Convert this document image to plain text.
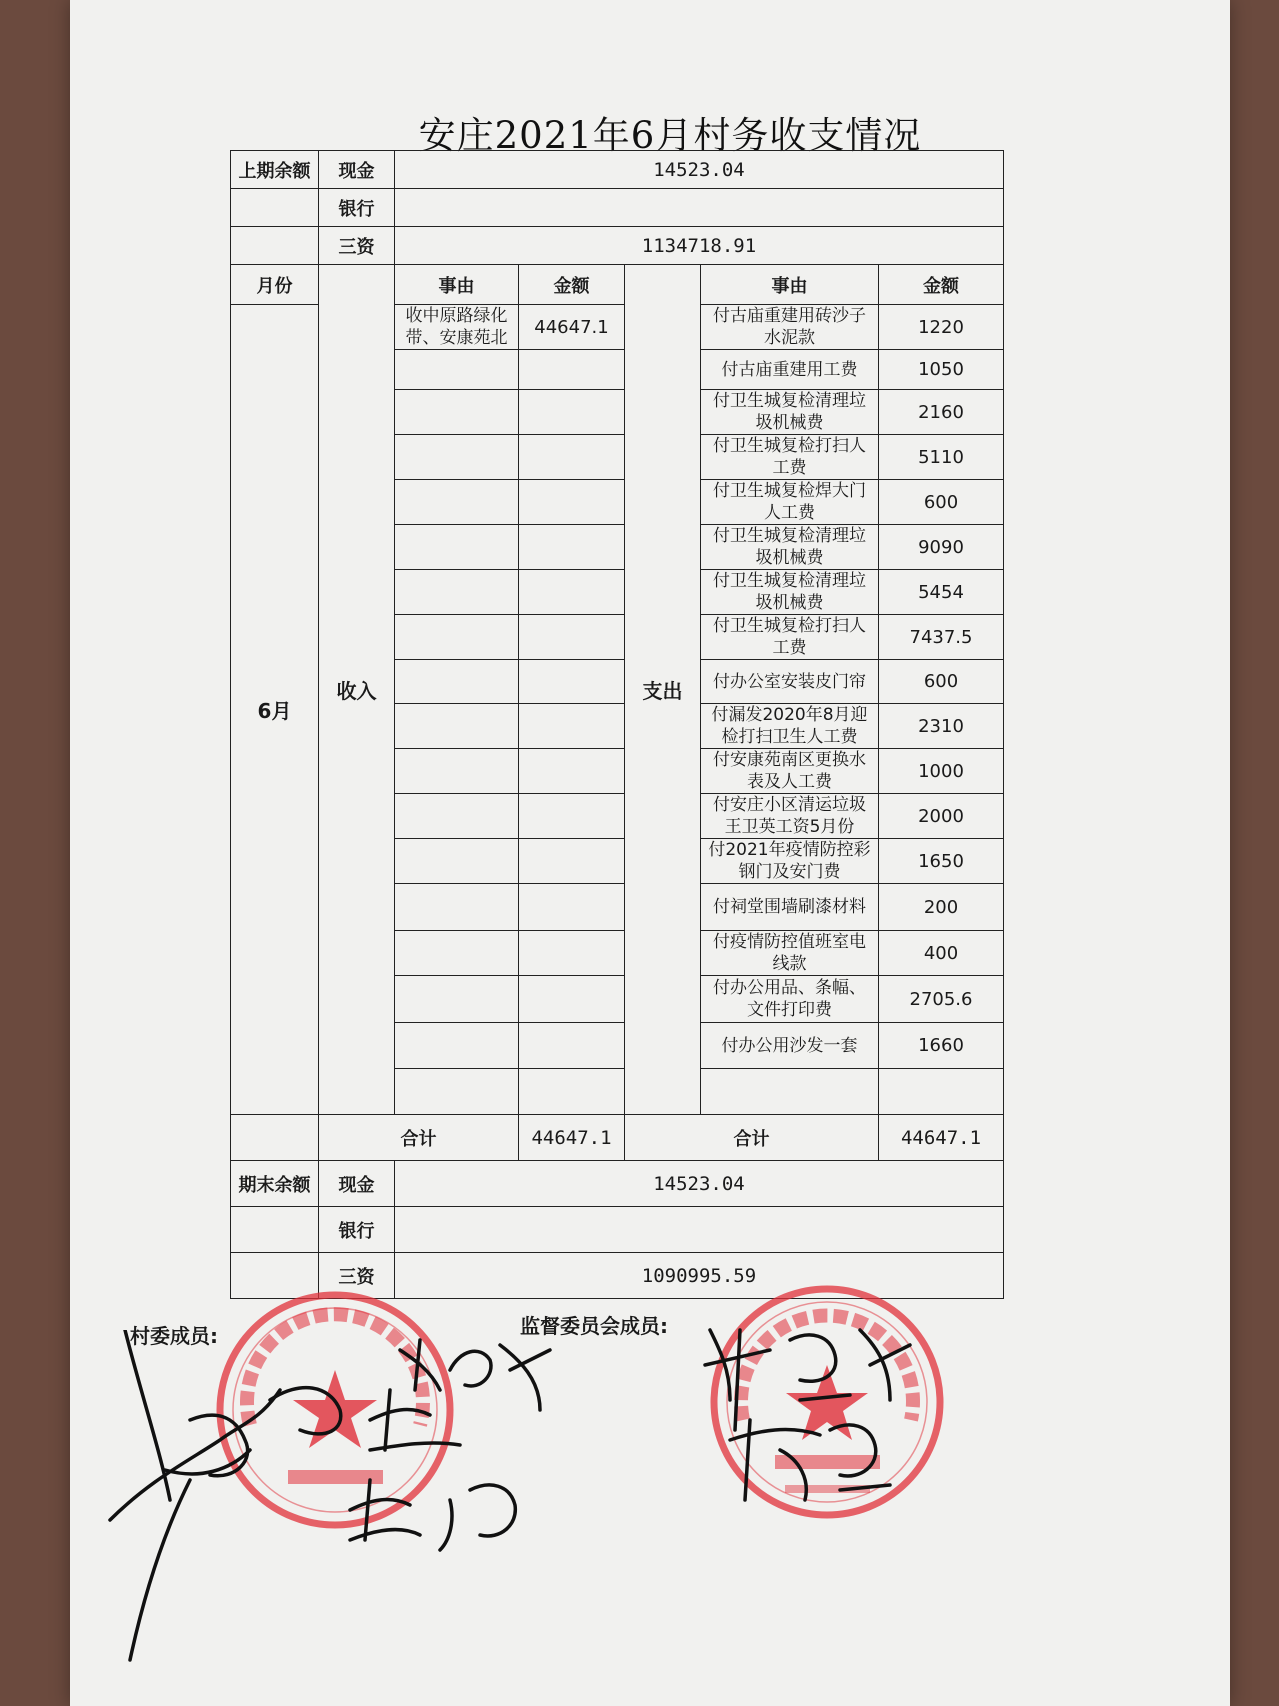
安庄2021年6月村务收支情况
上期余额	现金	14523.04				
	银行					
	三资	1134718.91				
月份	收入	事由	金额	支出	事由	金额
6月		收中原路绿化带、安康苑北	44647.1		付古庙重建用砖沙子水泥款	1220
					付古庙重建用工费	1050
					付卫生城复检清理垃圾机械费	2160
					付卫生城复检打扫人工费	5110
					付卫生城复检焊大门人工费	600
					付卫生城复检清理垃圾机械费	9090
					付卫生城复检清理垃圾机械费	5454
					付卫生城复检打扫人工费	7437.5
					付办公室安装皮门帘	600
					付漏发2020年8月迎检打扫卫生人工费	2310
					付安康苑南区更换水表及人工费	1000
					付安庄小区清运垃圾王卫英工资5月份	2000
					付2021年疫情防控彩钢门及安门费	1650
					付祠堂围墙刷漆材料	200
					付疫情防控值班室电线款	400
					付办公用品、条幅、文件打印费	2705.6
					付办公用沙发一套	1660

	合计		44647.1	合计		44647.1
期末余额	现金	14523.04				
	银行					
	三资	1090995.59				
村委成员:	监督委员会成员:
